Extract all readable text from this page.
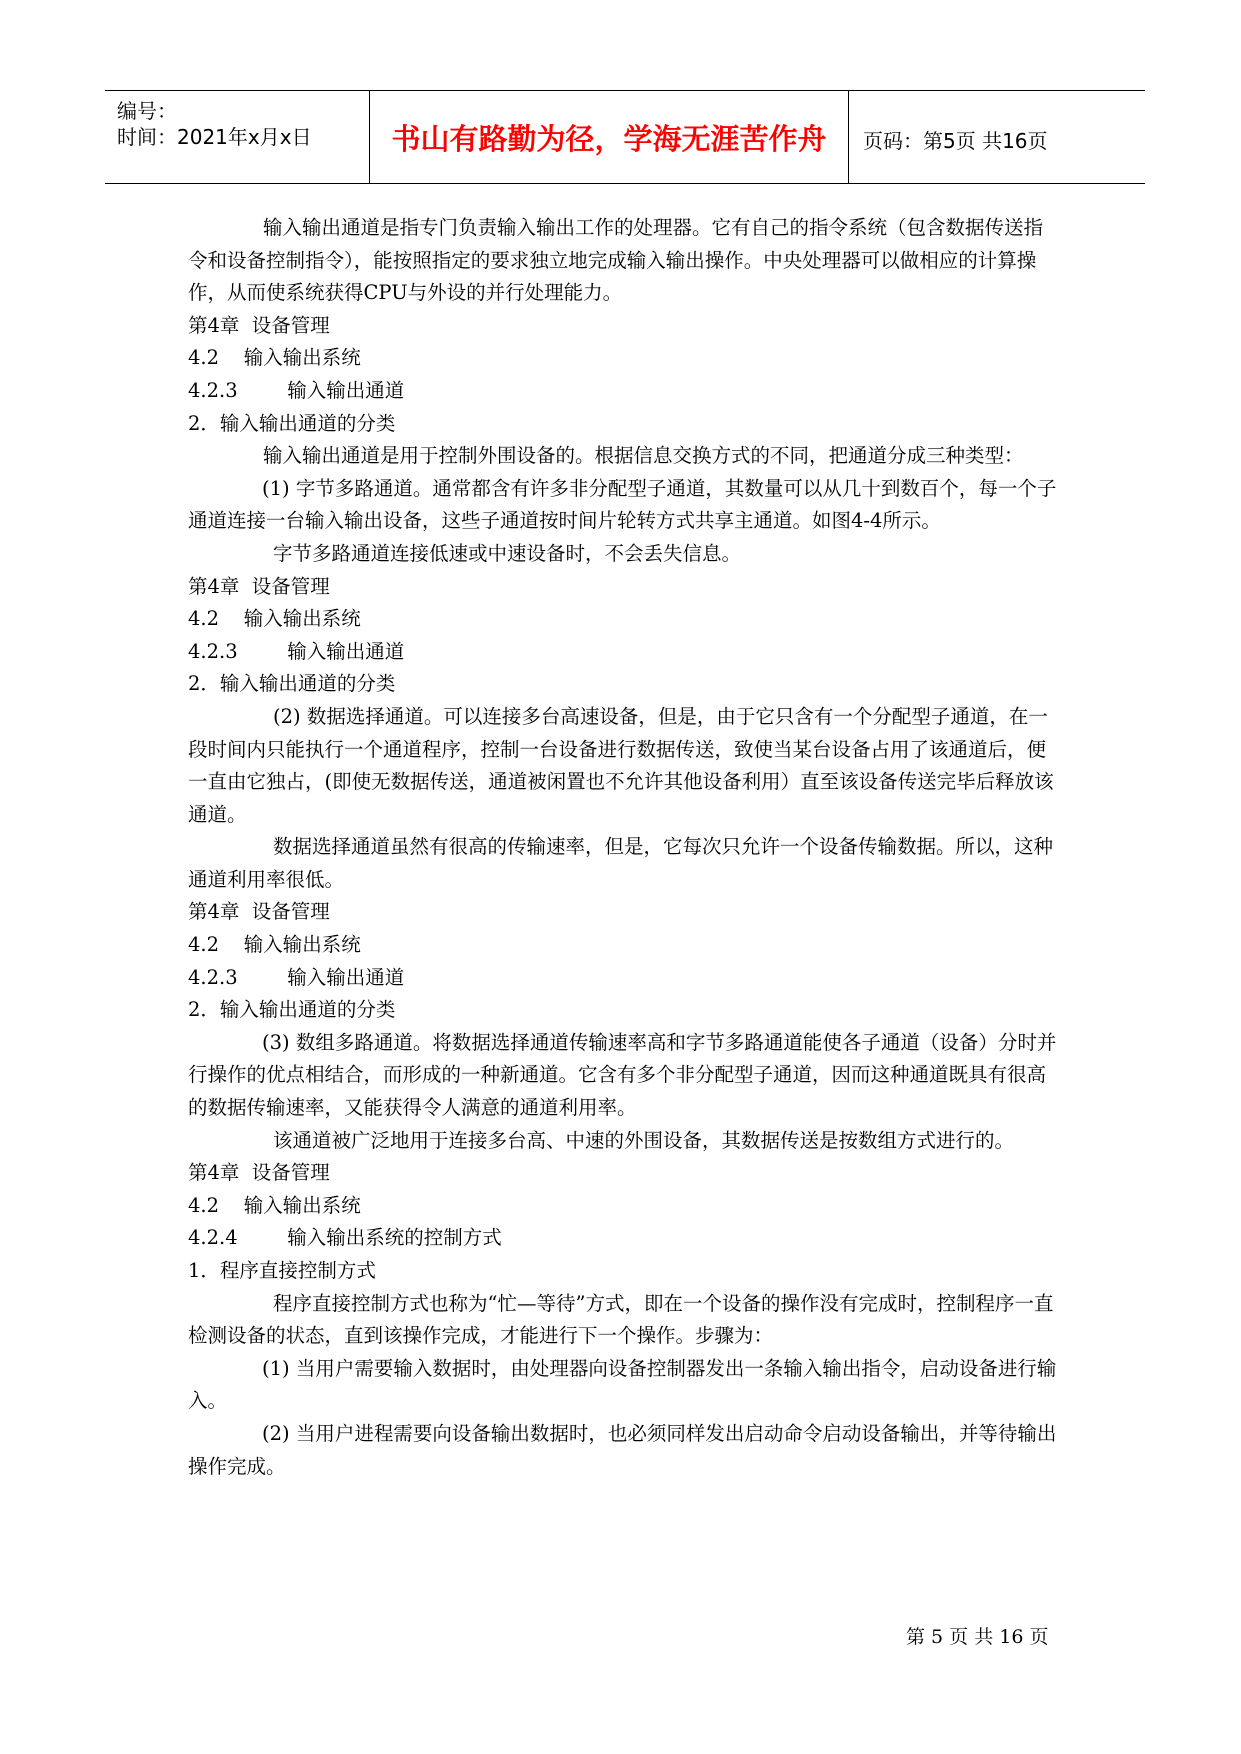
编号：
时间：2021年x月x日	书山有路勤为径，学海无涯苦作舟	页码：第5页 共16页

输入输出通道是指专门负责输入输出工作的处理器。它有自己的指令系统（包含数据传送指令和设备控制指令），能按照指定的要求独立地完成输入输出操作。中央处理器可以做相应的计算操作，从而使系统获得CPU与外设的并行处理能力。

第4章  设备管理

4.2    输入输出系统

4.2.3        输入输出通道

2．输入输出通道的分类

输入输出通道是用于控制外围设备的。根据信息交换方式的不同，把通道分成三种类型：

(1) 字节多路通道。通常都含有许多非分配型子通道，其数量可以从几十到数百个，每一个子通道连接一台输入输出设备，这些子通道按时间片轮转方式共享主通道。如图4-4所示。

字节多路通道连接低速或中速设备时，不会丢失信息。

第4章  设备管理

4.2    输入输出系统

4.2.3        输入输出通道

2．输入输出通道的分类

(2) 数据选择通道。可以连接多台高速设备，但是，由于它只含有一个分配型子通道，在一段时间内只能执行一个通道程序，控制一台设备进行数据传送，致使当某台设备占用了该通道后，便一直由它独占，(即使无数据传送，通道被闲置也不允许其他设备利用）直至该设备传送完毕后释放该通道。

数据选择通道虽然有很高的传输速率，但是，它每次只允许一个设备传输数据。所以，这种通道利用率很低。

第4章  设备管理

4.2    输入输出系统

4.2.3        输入输出通道

2．输入输出通道的分类

(3) 数组多路通道。将数据选择通道传输速率高和字节多路通道能使各子通道（设备）分时并行操作的优点相结合，而形成的一种新通道。它含有多个非分配型子通道，因而这种通道既具有很高的数据传输速率，又能获得令人满意的通道利用率。

该通道被广泛地用于连接多台高、中速的外围设备，其数据传送是按数组方式进行的。

第4章  设备管理

4.2    输入输出系统

4.2.4        输入输出系统的控制方式

1．程序直接控制方式

程序直接控制方式也称为“忙—等待”方式，即在一个设备的操作没有完成时，控制程序一直检测设备的状态，直到该操作完成，才能进行下一个操作。步骤为：

(1) 当用户需要输入数据时，由处理器向设备控制器发出一条输入输出指令，启动设备进行输入。

(2) 当用户进程需要向设备输出数据时，也必须同样发出启动命令启动设备输出，并等待输出操作完成。

第 5 页 共 16 页
